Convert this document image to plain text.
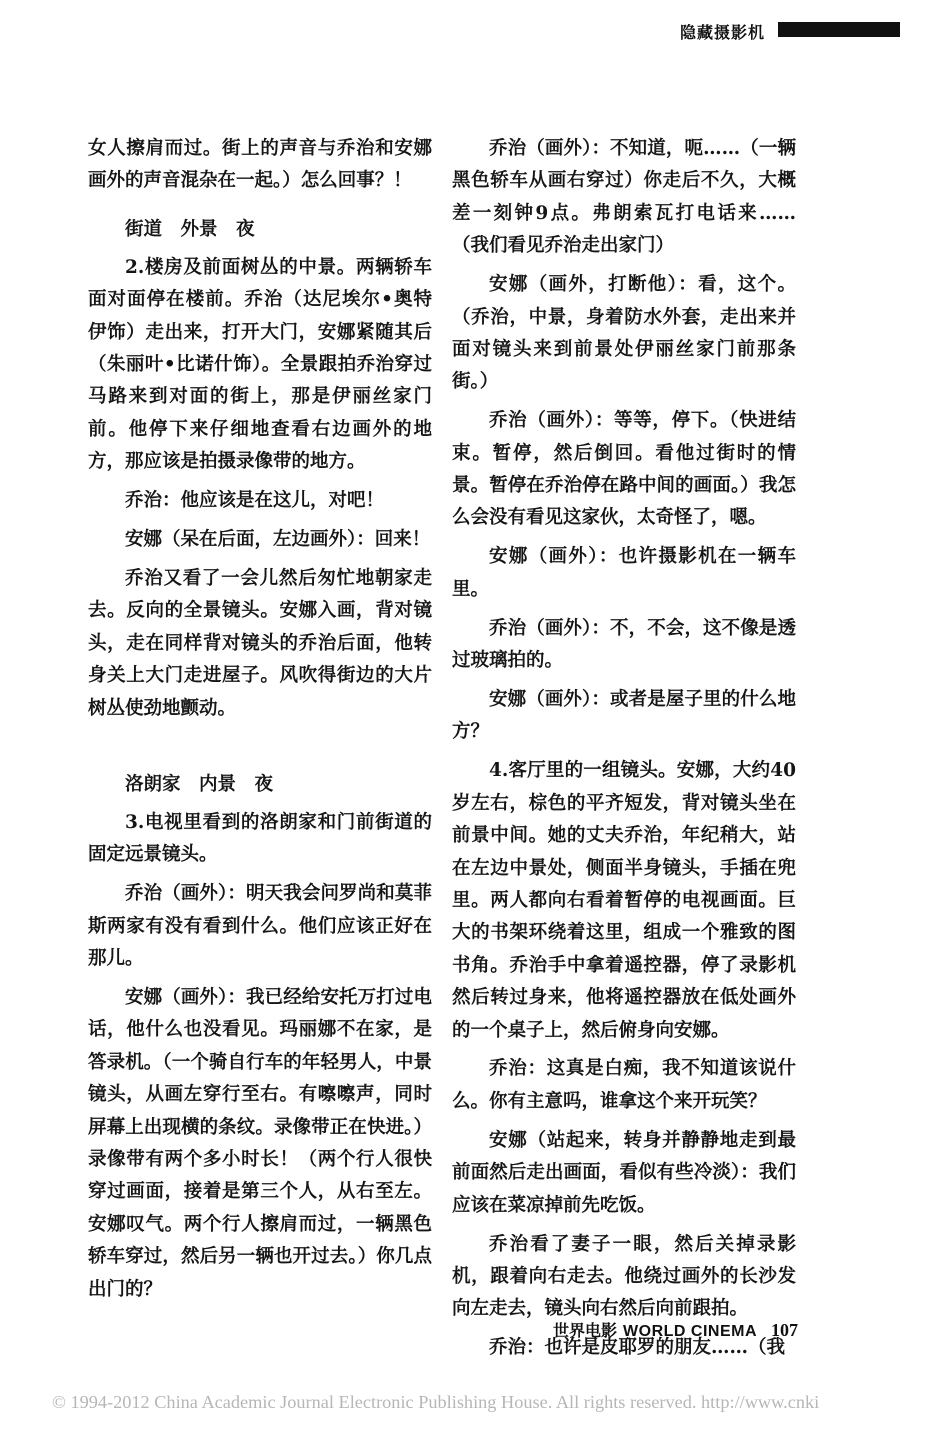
隐藏摄影机

女人擦肩而过。街上的声音与乔治和安娜画外的声音混杂在一起。）怎么回事？！

街道　外景　夜

2.楼房及前面树丛的中景。两辆轿车面对面停在楼前。乔治（达尼埃尔•奥特伊饰）走出来，打开大门，安娜紧随其后（朱丽叶•比诺什饰）。全景跟拍乔治穿过马路来到对面的街上，那是伊丽丝家门前。他停下来仔细地查看右边画外的地方，那应该是拍摄录像带的地方。

乔治：他应该是在这儿，对吧！

安娜（呆在后面，左边画外）：回来！

乔治又看了一会儿然后匆忙地朝家走去。反向的全景镜头。安娜入画，背对镜头，走在同样背对镜头的乔治后面，他转身关上大门走进屋子。风吹得街边的大片树丛使劲地颤动。

洛朗家　内景　夜

3.电视里看到的洛朗家和门前街道的固定远景镜头。

乔治（画外）：明天我会问罗尚和莫菲斯两家有没有看到什么。他们应该正好在那儿。

安娜（画外）：我已经给安托万打过电话，他什么也没看见。玛丽娜不在家，是答录机。（一个骑自行车的年轻男人，中景镜头，从画左穿行至右。有嚓嚓声，同时屏幕上出现横的条纹。录像带正在快进。）录像带有两个多小时长！（两个行人很快穿过画面，接着是第三个人，从右至左。安娜叹气。两个行人擦肩而过，一辆黑色轿车穿过，然后另一辆也开过去。）你几点出门的？

乔治（画外）：不知道，呃……（一辆黑色轿车从画右穿过）你走后不久，大概差一刻钟9点。弗朗索瓦打电话来……（我们看见乔治走出家门）

安娜（画外，打断他）：看，这个。（乔治，中景，身着防水外套，走出来并面对镜头来到前景处伊丽丝家门前那条街。）

乔治（画外）：等等，停下。（快进结束。暂停，然后倒回。看他过街时的情景。暂停在乔治停在路中间的画面。）我怎么会没有看见这家伙，太奇怪了，嗯。

安娜（画外）：也许摄影机在一辆车里。

乔治（画外）：不，不会，这不像是透过玻璃拍的。

安娜（画外）：或者是屋子里的什么地方？

4.客厅里的一组镜头。安娜，大约40岁左右，棕色的平齐短发，背对镜头坐在前景中间。她的丈夫乔治，年纪稍大，站在左边中景处，侧面半身镜头，手插在兜里。两人都向右看着暂停的电视画面。巨大的书架环绕着这里，组成一个雅致的图书角。乔治手中拿着遥控器，停了录影机然后转过身来，他将遥控器放在低处画外的一个桌子上，然后俯身向安娜。

乔治：这真是白痴，我不知道该说什么。你有主意吗，谁拿这个来开玩笑？

安娜（站起来，转身并静静地走到最前面然后走出画面，看似有些冷淡）：我们应该在菜凉掉前先吃饭。

乔治看了妻子一眼，然后关掉录影机，跟着向右走去。他绕过画外的长沙发向左走去，镜头向右然后向前跟拍。

乔治：也许是皮耶罗的朋友……（我

世界电影 WORLD CINEMA 107
© 1994-2012 China Academic Journal Electronic Publishing House. All rights reserved. http://www.cnki
